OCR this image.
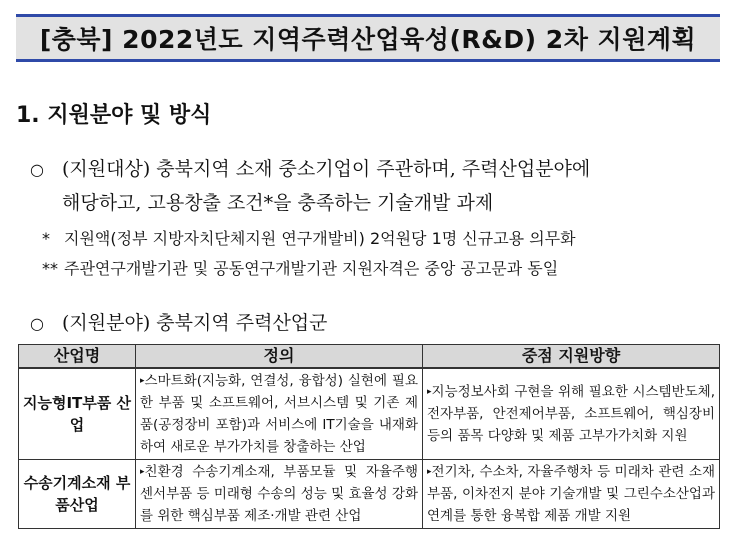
[충북] 2022년도 지역주력산업육성(R&D) 2차 지원계획
1. 지원분야 및 방식
○ (지원대상) 충북지역 소재 중소기업이 주관하며, 주력산업분야에
해당하고, 고용창출 조건*을 충족하는 기술개발 과제
* 지원액(정부 지방자치단체지원 연구개발비) 2억원당 1명 신규고용 의무화
** 주관연구개발기관 및 공동연구개발기관 지원자격은 중앙 공고문과 동일
○ (지원분야) 충북지역 주력산업군
산업명	정의	중점 지원방향
지능형IT부품 산업	▸스마트화(지능화, 연결성, 융합성) 실현에 필요한 부품 및 소프트웨어, 서브시스템 및 기존 제품(공정장비 포함)과 서비스에 IT기술을 내재화하여 새로운 부가가치를 창출하는 산업	▸지능정보사회 구현을 위해 필요한 시스템반도체, 전자부품, 안전제어부품, 소프트웨어, 핵심장비 등의 품목 다양화 및 제품 고부가가치화 지원
수송기계소재 부품산업	▸친환경 수송기계소재, 부품모듈 및 자율주행 센서부품 등 미래형 수송의 성능 및 효율성 강화를 위한 핵심부품 제조·개발 관련 산업	▸전기차, 수소차, 자율주행차 등 미래차 관련 소재부품, 이차전지 분야 기술개발 및 그린수소산업과 연계를 통한 융복합 제품 개발 지원
